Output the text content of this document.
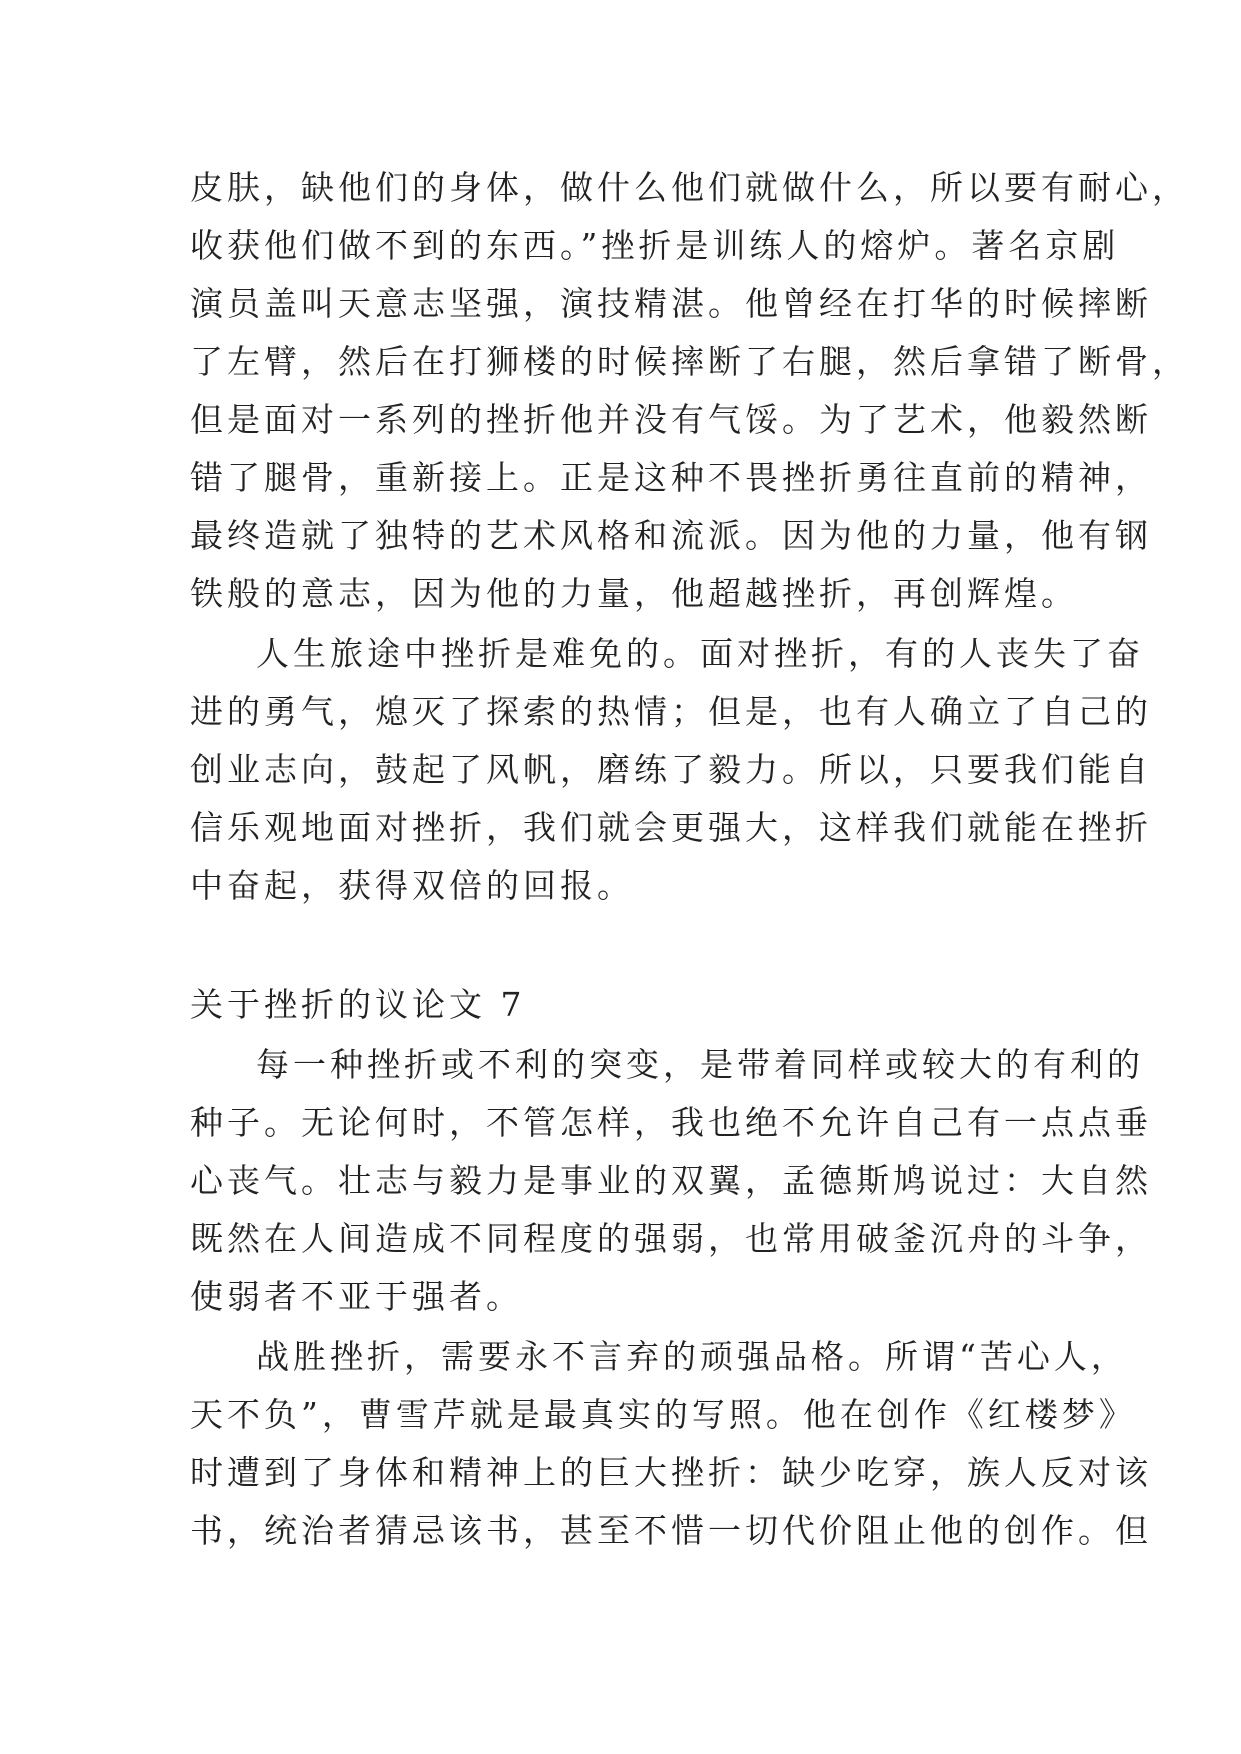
皮肤，缺他们的身体，做什么他们就做什么，所以要有耐心，
收获他们做不到的东西。”挫折是训练人的熔炉。著名京剧
演员盖叫天意志坚强，演技精湛。他曾经在打华的时候摔断
了左臂，然后在打狮楼的时候摔断了右腿，然后拿错了断骨，
但是面对一系列的挫折他并没有气馁。为了艺术，他毅然断
错了腿骨，重新接上。正是这种不畏挫折勇往直前的精神，
最终造就了独特的艺术风格和流派。因为他的力量，他有钢
铁般的意志，因为他的力量，他超越挫折，再创辉煌。
人生旅途中挫折是难免的。面对挫折，有的人丧失了奋
进的勇气，熄灭了探索的热情；但是，也有人确立了自己的
创业志向，鼓起了风帆，磨练了毅力。所以，只要我们能自
信乐观地面对挫折，我们就会更强大，这样我们就能在挫折
中奋起，获得双倍的回报。
关于挫折的议论文 7
每一种挫折或不利的突变，是带着同样或较大的有利的
种子。无论何时，不管怎样，我也绝不允许自己有一点点垂
心丧气。壮志与毅力是事业的双翼，孟德斯鸠说过：大自然
既然在人间造成不同程度的强弱，也常用破釜沉舟的斗争，
使弱者不亚于强者。
战胜挫折，需要永不言弃的顽强品格。所谓“苦心人，
天不负”，曹雪芹就是最真实的写照。他在创作《红楼梦》
时遭到了身体和精神上的巨大挫折：缺少吃穿，族人反对该
书，统治者猜忌该书，甚至不惜一切代价阻止他的创作。但
